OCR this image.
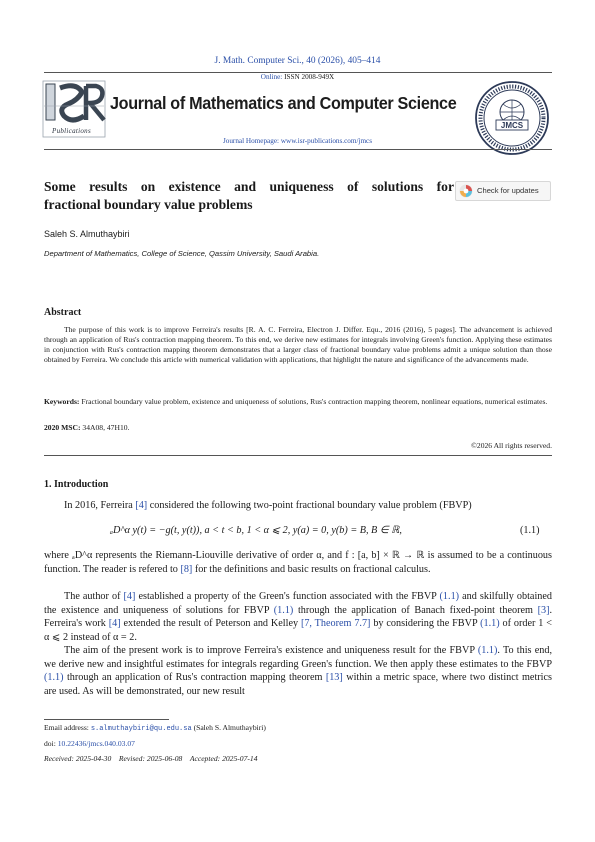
J. Math. Computer Sci., 40 (2026), 405–414
Online: ISSN 2008-949X
Publications
Journal of Mathematics and Computer Science
JMCS
Journal Homepage: www.isr-publications.com/jmcs
Some results on existence and uniqueness of solutions for
fractional boundary value problems
Check for updates
Saleh S. Almuthaybiri
Department of Mathematics, College of Science, Qassim University, Saudi Arabia.
Abstract
The purpose of this work is to improve Ferreira's results [R. A. C. Ferreira, Electron J. Differ. Equ., 2016 (2016), 5 pages]. The advancement is achieved through an application of Rus's contraction mapping theorem. To this end, we derive new estimates for integrals involving Green's function. Applying these estimates in conjunction with Rus's contraction mapping theorem demonstrates that a larger class of fractional boundary value problems admit a unique solution than those obtained by Ferreira. We conclude this article with numerical validation with applications, that highlight the nature and significance of the advancements made.
Keywords: Fractional boundary value problem, existence and uniqueness of solutions, Rus's contraction mapping theorem, nonlinear equations, numerical estimates.
2020 MSC: 34A08, 47H10.
©2026 All rights reserved.
1. Introduction
In 2016, Ferreira [4] considered the following two-point fractional boundary value problem (FBVP)
ₐD^α y(t) = −g(t, y(t)), a < t < b, 1 < α ⩽ 2, y(a) = 0, y(b) = B, B ∈ ℝ,	(1.1)
where ₐD^α represents the Riemann-Liouville derivative of order α, and f : [a, b] × ℝ → ℝ is assumed to be a continuous function. The reader is refered to [8] for the definitions and basic results on fractional calculus.
The author of [4] established a property of the Green's function associated with the FBVP (1.1) and skilfully obtained the existence and uniqueness of solutions for FBVP (1.1) through the application of Banach fixed-point theorem [3]. Ferreira's work [4] extended the result of Peterson and Kelley [7, Theorem 7.7] by considering the FBVP (1.1) of order 1 < α ⩽ 2 instead of α = 2.
The aim of the present work is to improve Ferreira's existence and uniqueness result for the FBVP (1.1). To this end, we derive new and insightful estimates for integrals regarding Green's function. We then apply these estimates to the FBVP (1.1) through an application of Rus's contraction mapping theorem [13] within a metric space, where two distinct metrics are used. As will be demonstrated, our new result
Email address: s.almuthaybiri@qu.edu.sa (Saleh S. Almuthaybiri)
doi: 10.22436/jmcs.040.03.07
Received: 2025-04-30 Revised: 2025-06-08 Accepted: 2025-07-14
